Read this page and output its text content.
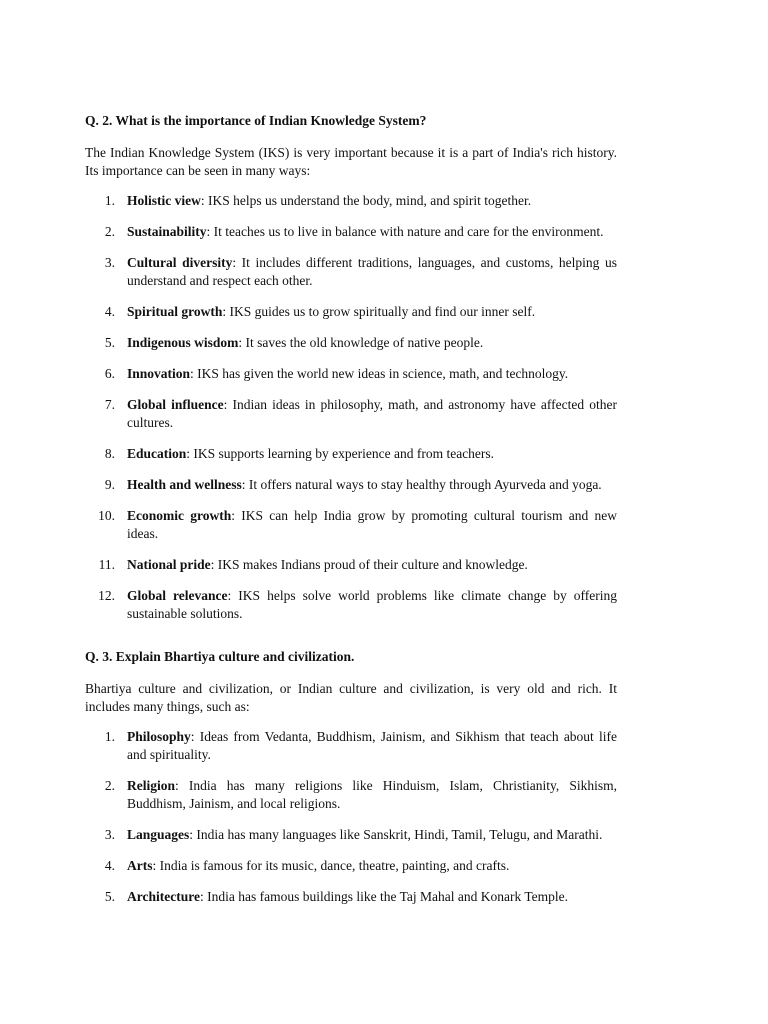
Q. 2. What is the importance of Indian Knowledge System?

The Indian Knowledge System (IKS) is very important because it is a part of India's rich history. Its importance can be seen in many ways:

1. Holistic view: IKS helps us understand the body, mind, and spirit together.
2. Sustainability: It teaches us to live in balance with nature and care for the environment.
3. Cultural diversity: It includes different traditions, languages, and customs, helping us understand and respect each other.
4. Spiritual growth: IKS guides us to grow spiritually and find our inner self.
5. Indigenous wisdom: It saves the old knowledge of native people.
6. Innovation: IKS has given the world new ideas in science, math, and technology.
7. Global influence: Indian ideas in philosophy, math, and astronomy have affected other cultures.
8. Education: IKS supports learning by experience and from teachers.
9. Health and wellness: It offers natural ways to stay healthy through Ayurveda and yoga.
10. Economic growth: IKS can help India grow by promoting cultural tourism and new ideas.
11. National pride: IKS makes Indians proud of their culture and knowledge.
12. Global relevance: IKS helps solve world problems like climate change by offering sustainable solutions.

Q. 3. Explain Bhartiya culture and civilization.

Bhartiya culture and civilization, or Indian culture and civilization, is very old and rich. It includes many things, such as:

1. Philosophy: Ideas from Vedanta, Buddhism, Jainism, and Sikhism that teach about life and spirituality.
2. Religion: India has many religions like Hinduism, Islam, Christianity, Sikhism, Buddhism, Jainism, and local religions.
3. Languages: India has many languages like Sanskrit, Hindi, Tamil, Telugu, and Marathi.
4. Arts: India is famous for its music, dance, theatre, painting, and crafts.
5. Architecture: India has famous buildings like the Taj Mahal and Konark Temple.
